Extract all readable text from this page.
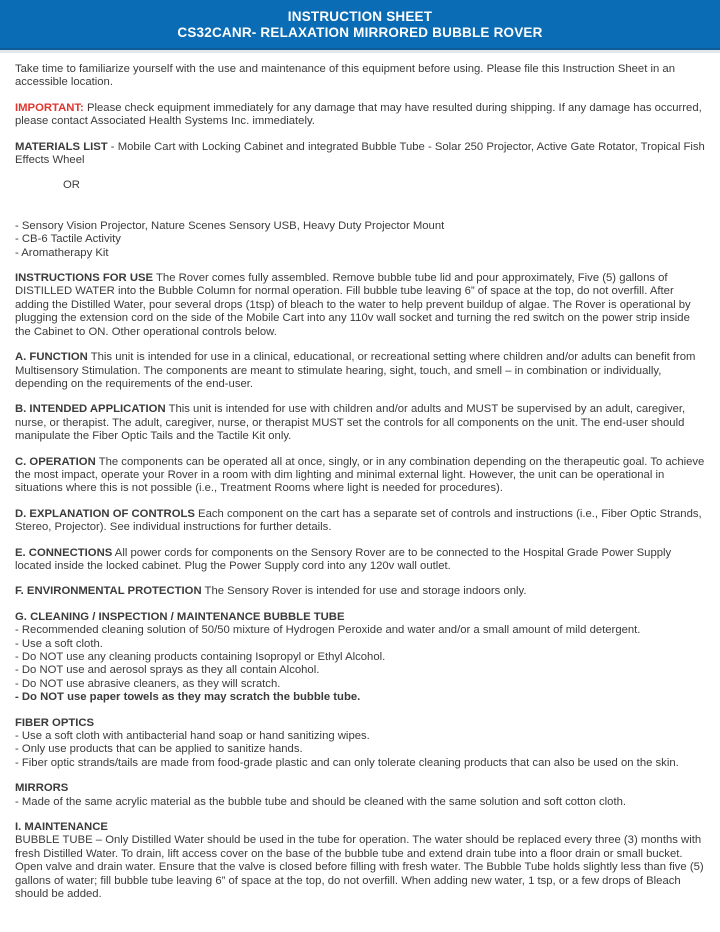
INSTRUCTION SHEET
CS32CANR- RELAXATION MIRRORED BUBBLE ROVER

Take time to familiarize yourself with the use and maintenance of this equipment before using. Please file this Instruction Sheet in an accessible location.

IMPORTANT: Please check equipment immediately for any damage that may have resulted during shipping. If any damage has occurred, please contact Associated Health Systems Inc. immediately.

MATERIALS LIST - Mobile Cart with Locking Cabinet and integrated Bubble Tube - Solar 250 Projector, Active Gate Rotator, Tropical Fish Effects Wheel

OR

- Sensory Vision Projector, Nature Scenes Sensory USB, Heavy Duty Projector Mount
- CB-6 Tactile Activity
- Aromatherapy Kit

INSTRUCTIONS FOR USE The Rover comes fully assembled. Remove bubble tube lid and pour approximately, Five (5) gallons of DISTILLED WATER into the Bubble Column for normal operation. Fill bubble tube leaving 6” of space at the top, do not overfill. After adding the Distilled Water, pour several drops (1tsp) of bleach to the water to help prevent buildup of algae. The Rover is operational by plugging the extension cord on the side of the Mobile Cart into any 110v wall socket and turning the red switch on the power strip inside the Cabinet to ON. Other operational controls below.

A. FUNCTION This unit is intended for use in a clinical, educational, or recreational setting where children and/or adults can benefit from Multisensory Stimulation. The components are meant to stimulate hearing, sight, touch, and smell – in combination or individually, depending on the requirements of the end-user.

B. INTENDED APPLICATION This unit is intended for use with children and/or adults and MUST be supervised by an adult, caregiver, nurse, or therapist. The adult, caregiver, nurse, or therapist MUST set the controls for all components on the unit. The end-user should manipulate the Fiber Optic Tails and the Tactile Kit only.

C. OPERATION The components can be operated all at once, singly, or in any combination depending on the therapeutic goal. To achieve the most impact, operate your Rover in a room with dim lighting and minimal external light. However, the unit can be operational in situations where this is not possible (i.e., Treatment Rooms where light is needed for procedures).

D. EXPLANATION OF CONTROLS Each component on the cart has a separate set of controls and instructions (i.e., Fiber Optic Strands, Stereo, Projector). See individual instructions for further details.

E. CONNECTIONS All power cords for components on the Sensory Rover are to be connected to the Hospital Grade Power Supply located inside the locked cabinet. Plug the Power Supply cord into any 120v wall outlet.

F. ENVIRONMENTAL PROTECTION The Sensory Rover is intended for use and storage indoors only.

G. CLEANING / INSPECTION / MAINTENANCE BUBBLE TUBE
- Recommended cleaning solution of 50/50 mixture of Hydrogen Peroxide and water and/or a small amount of mild detergent.
- Use a soft cloth.
- Do NOT use any cleaning products containing Isopropyl or Ethyl Alcohol.
- Do NOT use and aerosol sprays as they all contain Alcohol.
- Do NOT use abrasive cleaners, as they will scratch.
- Do NOT use paper towels as they may scratch the bubble tube.
FIBER OPTICS
- Use a soft cloth with antibacterial hand soap or hand sanitizing wipes.
- Only use products that can be applied to sanitize hands.
- Fiber optic strands/tails are made from food-grade plastic and can only tolerate cleaning products that can also be used on the skin.
MIRRORS
- Made of the same acrylic material as the bubble tube and should be cleaned with the same solution and soft cotton cloth.
I. MAINTENANCE
BUBBLE TUBE – Only Distilled Water should be used in the tube for operation. The water should be replaced every three (3) months with fresh Distilled Water. To drain, lift access cover on the base of the bubble tube and extend drain tube into a floor drain or small bucket. Open valve and drain water. Ensure that the valve is closed before filling with fresh water. The Bubble Tube holds slightly less than five (5) gallons of water; fill bubble tube leaving 6” of space at the top, do not overfill. When adding new water, 1 tsp, or a few drops of Bleach should be added.
